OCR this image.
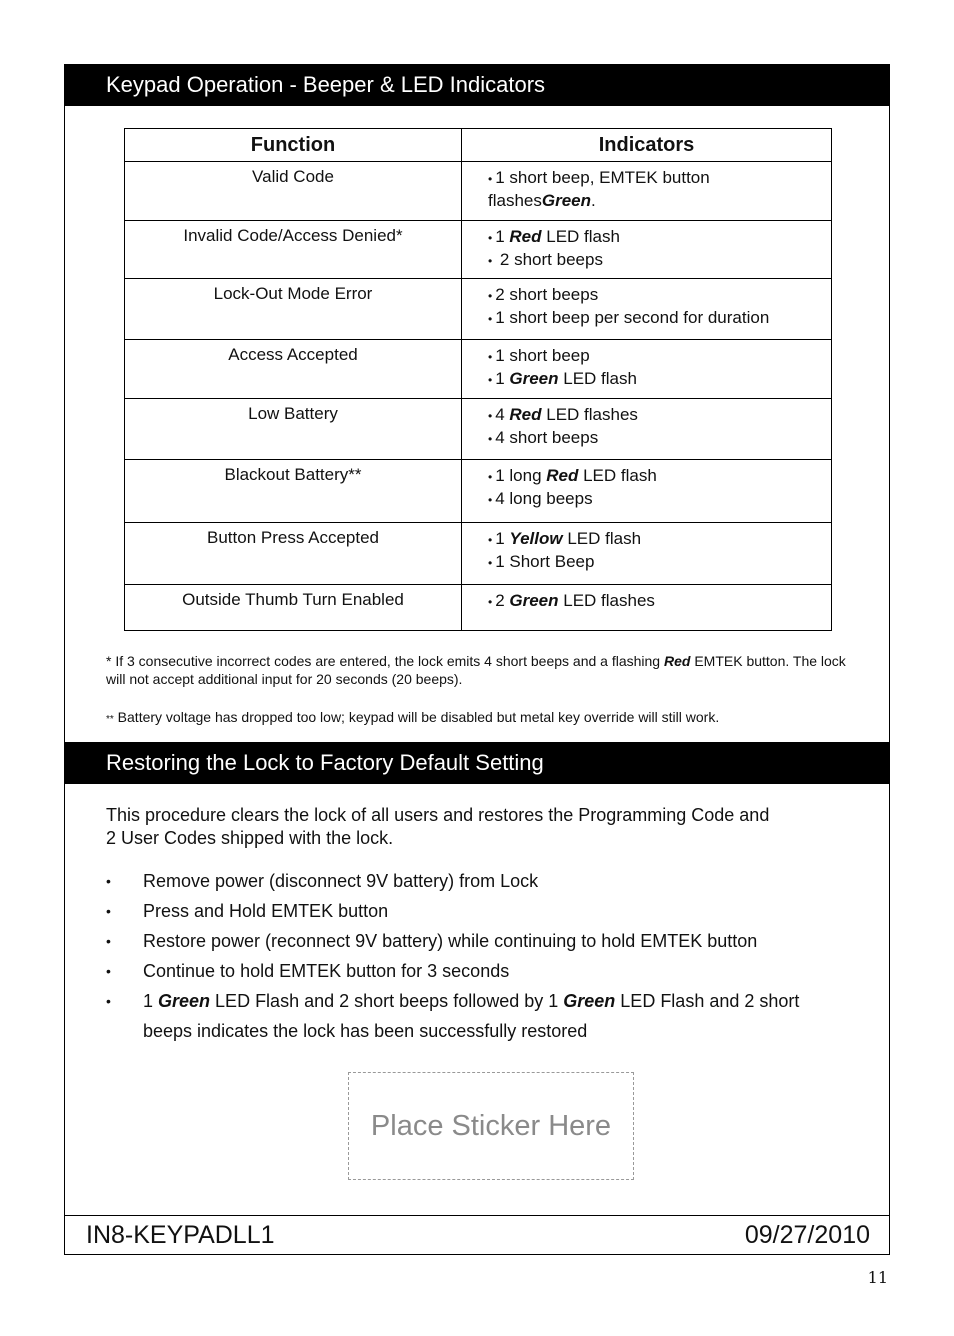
Keypad Operation - Beeper & LED Indicators
Function	Indicators
Valid Code	• 1 short beep, EMTEK button flashesGreen.

Invalid Code/Access Denied*	• 1 Red LED flash
• 2 short beeps

Lock-Out Mode Error	• 2 short beeps
• 1 short beep per second for duration

Access Accepted	• 1 short beep
• 1 Green LED flash

Low Battery	• 4 Red LED flashes
• 4 short beeps

Blackout Battery**	• 1 long Red LED flash
• 4 long beeps

Button Press Accepted	• 1 Yellow LED flash
• 1 Short Beep

Outside Thumb Turn Enabled	• 2 Green LED flashes
* If 3 consecutive incorrect codes are entered, the lock emits 4 short beeps and a flashing Red EMTEK button. The lock will not accept additional input for 20 seconds (20 beeps).
** Battery voltage has dropped too low; keypad will be disabled but metal key override will still work.
Restoring the Lock to Factory Default Setting
This procedure clears the lock of all users and restores the Programming Code and
2 User Codes shipped with the lock.
• Remove power (disconnect 9V battery) from Lock
• Press and Hold EMTEK button
• Restore power (reconnect 9V battery) while continuing to hold EMTEK button
• Continue to hold EMTEK button for 3 seconds
• 1 Green LED Flash and 2 short beeps followed by 1 Green LED Flash and 2 short
beeps indicates the lock has been successfully restored
Place Sticker Here
IN8-KEYPADLL1	09/27/2010
11
